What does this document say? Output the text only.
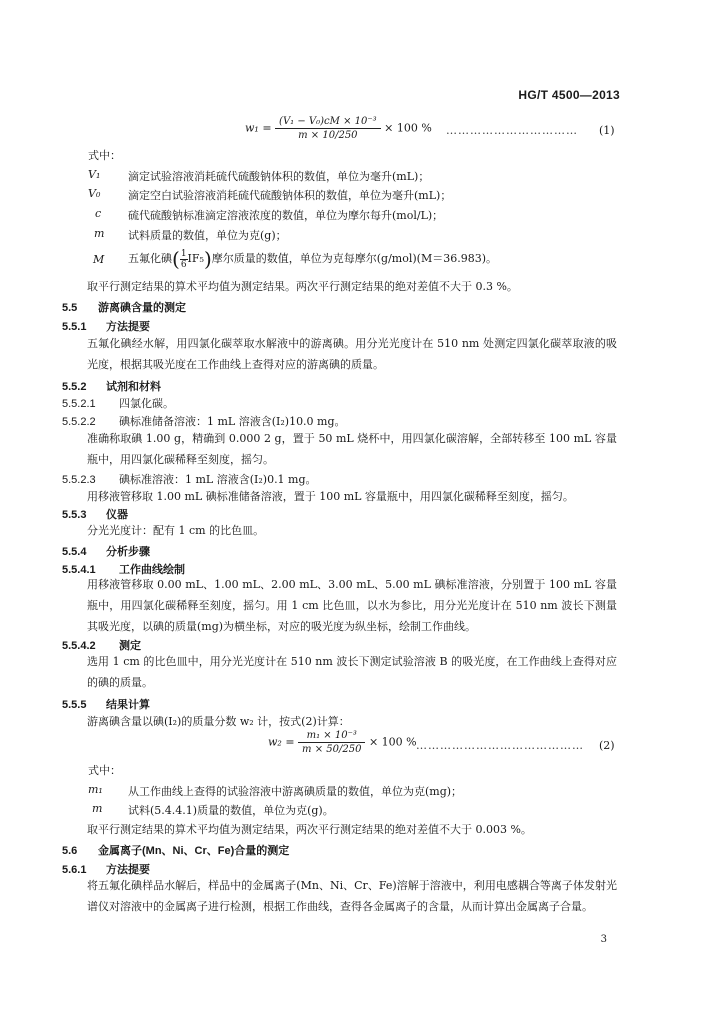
HG/T 4500—2013
$w_1 = \frac{\text{(V₁ − V₀)cM × 10⁻³}}{m \times 10/250} \times 100$ % …………………………… (1)
式中：
V₁	滴定试验溶液消耗硫代硫酸钠体积的数值，单位为毫升(mL)；
V₀	滴定空白试验溶液消耗硫代硫酸钠体积的数值，单位为毫升(mL)；
c	硫代硫酸钠标准滴定溶液浓度的数值，单位为摩尔每升(mol/L)；
m	试料质量的数值，单位为克(g)；
M	五氟化碘( $\frac{1}{6} IF_5$)摩尔质量的数值，单位为克每摩尔(g/mol)(M＝36.983)。
取平行测定结果的算术平均值为测定结果。两次平行测定结果的绝对差值不大于 0.3 %。
5.5 游离碘含量的测定
5.5.1 方法提要
五氟化碘经水解，用四氯化碳萃取水解液中的游离碘。用分光光度计在 510 nm 处测定四氯化碳萃取液的吸光度，根据其吸光度在工作曲线上查得对应的游离碘的质量。
5.5.2 试剂和材料
5.5.2.1 四氯化碳。
5.5.2.2 碘标准储备溶液：1 mL 溶液含(I₂)10.0 mg。
准确称取碘 1.00 g，精确到 0.000 2 g，置于 50 mL 烧杯中，用四氯化碳溶解，全部转移至 100 mL 容量瓶中，用四氯化碳稀释至刻度，摇匀。
5.5.2.3 碘标准溶液：1 mL 溶液含(I₂)0.1 mg。
用移液管移取 1.00 mL 碘标准储备溶液，置于 100 mL 容量瓶中，用四氯化碳稀释至刻度，摇匀。
5.5.3 仪器
分光光度计：配有 1 cm 的比色皿。
5.5.4 分析步骤
5.5.4.1 工作曲线绘制
用移液管移取 0.00 mL、1.00 mL、2.00 mL、3.00 mL、5.00 mL 碘标准溶液，分别置于 100 mL 容量瓶中，用四氯化碳稀释至刻度，摇匀。用 1 cm 比色皿，以水为参比，用分光光度计在 510 nm 波长下测量其吸光度，以碘的质量(mg)为横坐标，对应的吸光度为纵坐标，绘制工作曲线。
5.5.4.2 测定
选用 1 cm 的比色皿中，用分光光度计在 510 nm 波长下测定试验溶液 B 的吸光度，在工作曲线上查得对应的碘的质量。
5.5.5 结果计算
游离碘含量以碘(I₂)的质量分数 w₂ 计，按式(2)计算：
$w_2 = \frac{\text{m₁ × 10⁻³}}{m \times 50/250} \times 100$ % …………………………………… (2)
式中：
m₁	从工作曲线上查得的试验溶液中游离碘质量的数值，单位为克(mg)；
m	试料(5.4.4.1)质量的数值，单位为克(g)。
取平行测定结果的算术平均值为测定结果，两次平行测定结果的绝对差值不大于 0.003 %。
5.6 金属离子(Mn、Ni、Cr、Fe)合量的测定
5.6.1 方法提要
将五氟化碘样品水解后，样品中的金属离子(Mn、Ni、Cr、Fe)溶解于溶液中，利用电感耦合等离子体发射光谱仪对溶液中的金属离子进行检测，根据工作曲线，查得各金属离子的含量，从而计算出金属离子合量。
3
